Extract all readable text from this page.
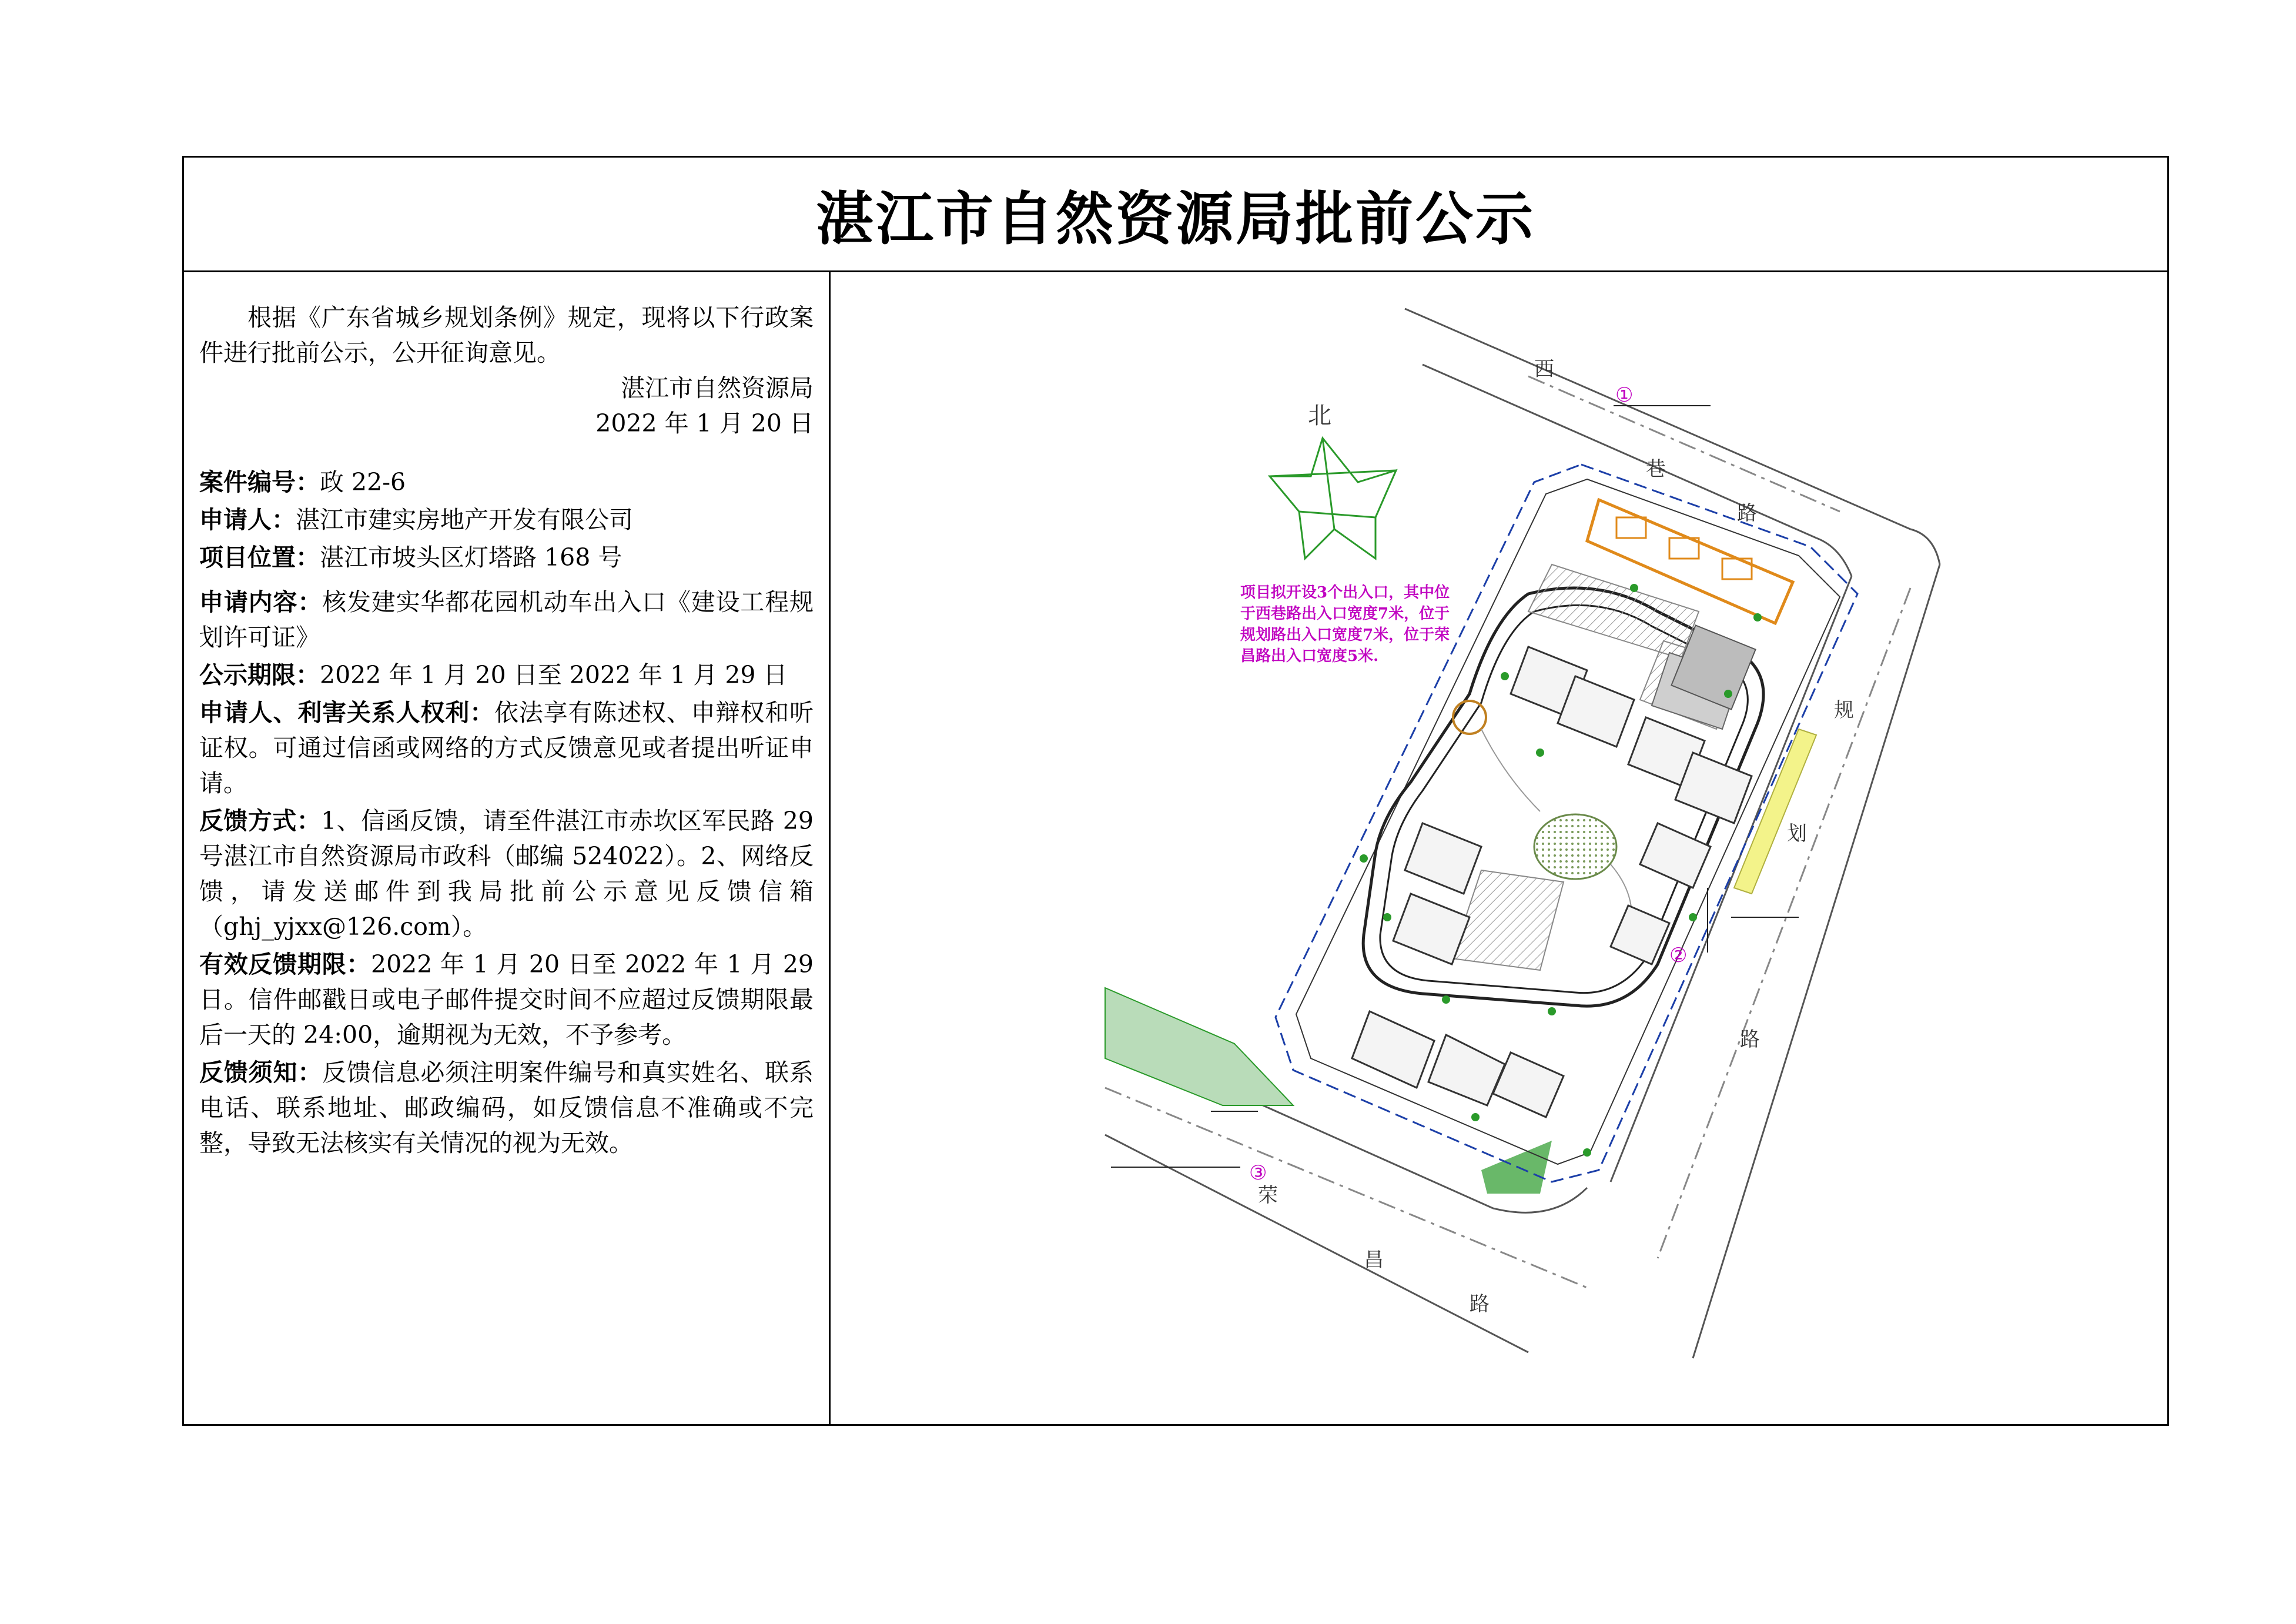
湛江市自然资源局批前公示

根据《广东省城乡规划条例》规定，现将以下行政案件进行批前公示，公开征询意见。

湛江市自然资源局

2022 年 1 月 20 日

案件编号：政 22-6

申请人：湛江市建实房地产开发有限公司

项目位置：湛江市坡头区灯塔路 168 号

申请内容：核发建实华都花园机动车出入口《建设工程规划许可证》

公示期限：2022 年 1 月 20 日至 2022 年 1 月 29 日

申请人、利害关系人权利：依法享有陈述权、申辩权和听证权。可通过信函或网络的方式反馈意见或者提出听证申请。

反馈方式：1、信函反馈，请至件湛江市赤坎区军民路 29 号湛江市自然资源局市政科（邮编 524022）。2、网络反馈，请发送邮件到我局批前公示意见反馈信箱（ghj_yjxx@126.com）。

有效反馈期限：2022 年 1 月 20 日至 2022 年 1 月 29 日。信件邮戳日或电子邮件提交时间不应超过反馈期限最后一天的 24:00，逾期视为无效，不予参考。

反馈须知：反馈信息必须注明案件编号和真实姓名、联系电话、联系地址、邮政编码，如反馈信息不准确或不完整，导致无法核实有关情况的视为无效。

北
项目拟开设3个出入口，其中位于西巷路出入口宽度7米，位于规划路出入口宽度7米，位于荣昌路出入口宽度5米.
西
巷
路
规
划
路
荣
昌
路
①
②
③
